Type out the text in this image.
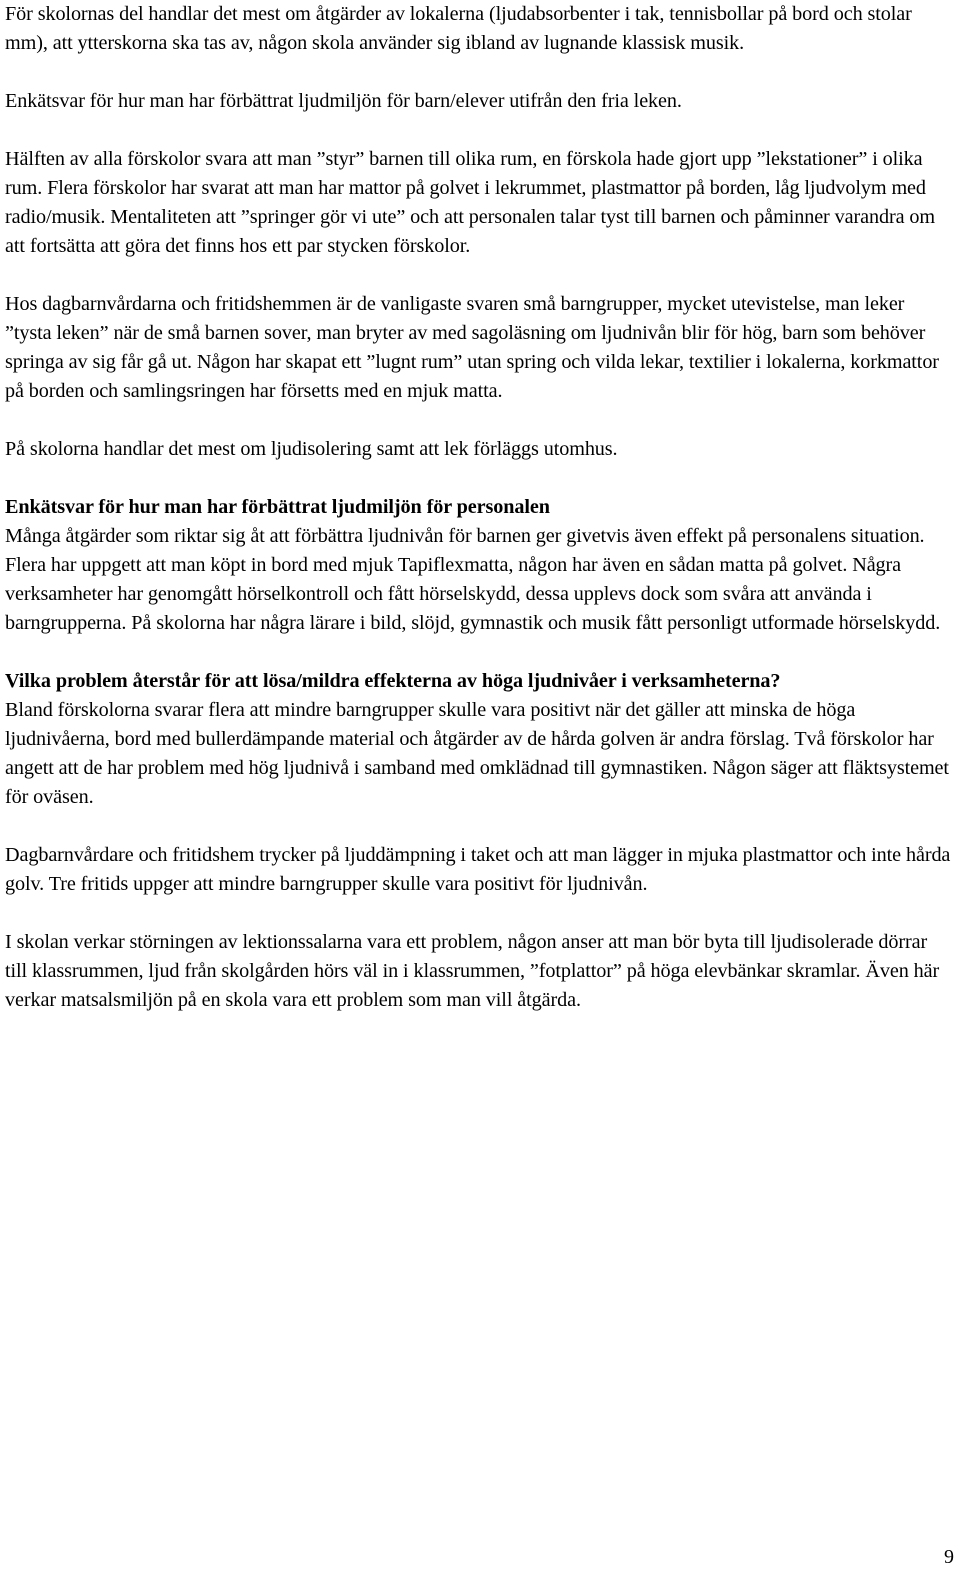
För skolornas del handlar det mest om åtgärder av lokalerna (ljudabsorbenter i tak, tennisbollar på bord och stolar mm), att ytterskorna ska tas av, någon skola använder sig ibland av lugnande klassisk musik.

Enkätsvar för hur man har förbättrat ljudmiljön för barn/elever utifrån den fria leken.

Hälften av alla förskolor svara att man ”styr” barnen till olika rum, en förskola hade gjort upp ”lekstationer” i olika rum. Flera förskolor har svarat att man har mattor på golvet i lekrummet, plastmattor på borden, låg ljudvolym med radio/musik. Mentaliteten att ”springer gör vi ute” och att personalen talar tyst till barnen och påminner varandra om att fortsätta att göra det finns hos ett par stycken förskolor.

Hos dagbarnvårdarna och fritidshemmen är de vanligaste svaren små barngrupper, mycket utevistelse, man leker ”tysta leken” när de små barnen sover, man bryter av med sagoläsning om ljudnivån blir för hög, barn som behöver springa av sig får gå ut. Någon har skapat ett ”lugnt rum” utan spring och vilda lekar, textilier i lokalerna, korkmattor på borden och samlingsringen har försetts med en mjuk matta.

På skolorna handlar det mest om ljudisolering samt att lek förläggs utomhus.

Enkätsvar för hur man har förbättrat ljudmiljön för personalen

Många åtgärder som riktar sig åt att förbättra ljudnivån för barnen ger givetvis även effekt på personalens situation. Flera har uppgett att man köpt in bord med mjuk Tapiflexmatta, någon har även en sådan matta på golvet. Några verksamheter har genomgått hörselkontroll och fått hörselskydd, dessa upplevs dock som svåra att använda i barngrupperna. På skolorna har några lärare i bild, slöjd, gymnastik och musik fått personligt utformade hörselskydd.

Vilka problem återstår för att lösa/mildra effekterna av höga ljudnivåer i verksamheterna?

Bland förskolorna svarar flera att mindre barngrupper skulle vara positivt när det gäller att minska de höga ljudnivåerna, bord med bullerdämpande material och åtgärder av de hårda golven är andra förslag. Två förskolor har angett att de har problem med hög ljudnivå i samband med omklädnad till gymnastiken. Någon säger att fläktsystemet för oväsen.

Dagbarnvårdare och fritidshem trycker på ljuddämpning i taket och att man lägger in mjuka plastmattor och inte hårda golv. Tre fritids uppger att mindre barngrupper skulle vara positivt för ljudnivån.

I skolan verkar störningen av lektionssalarna vara ett problem, någon anser att man bör byta till ljudisolerade dörrar till klassrummen, ljud från skolgården hörs väl in i klassrummen, ”fotplattor” på höga elevbänkar skramlar. Även här verkar matsalsmiljön på en skola vara ett problem som man vill åtgärda.

9
